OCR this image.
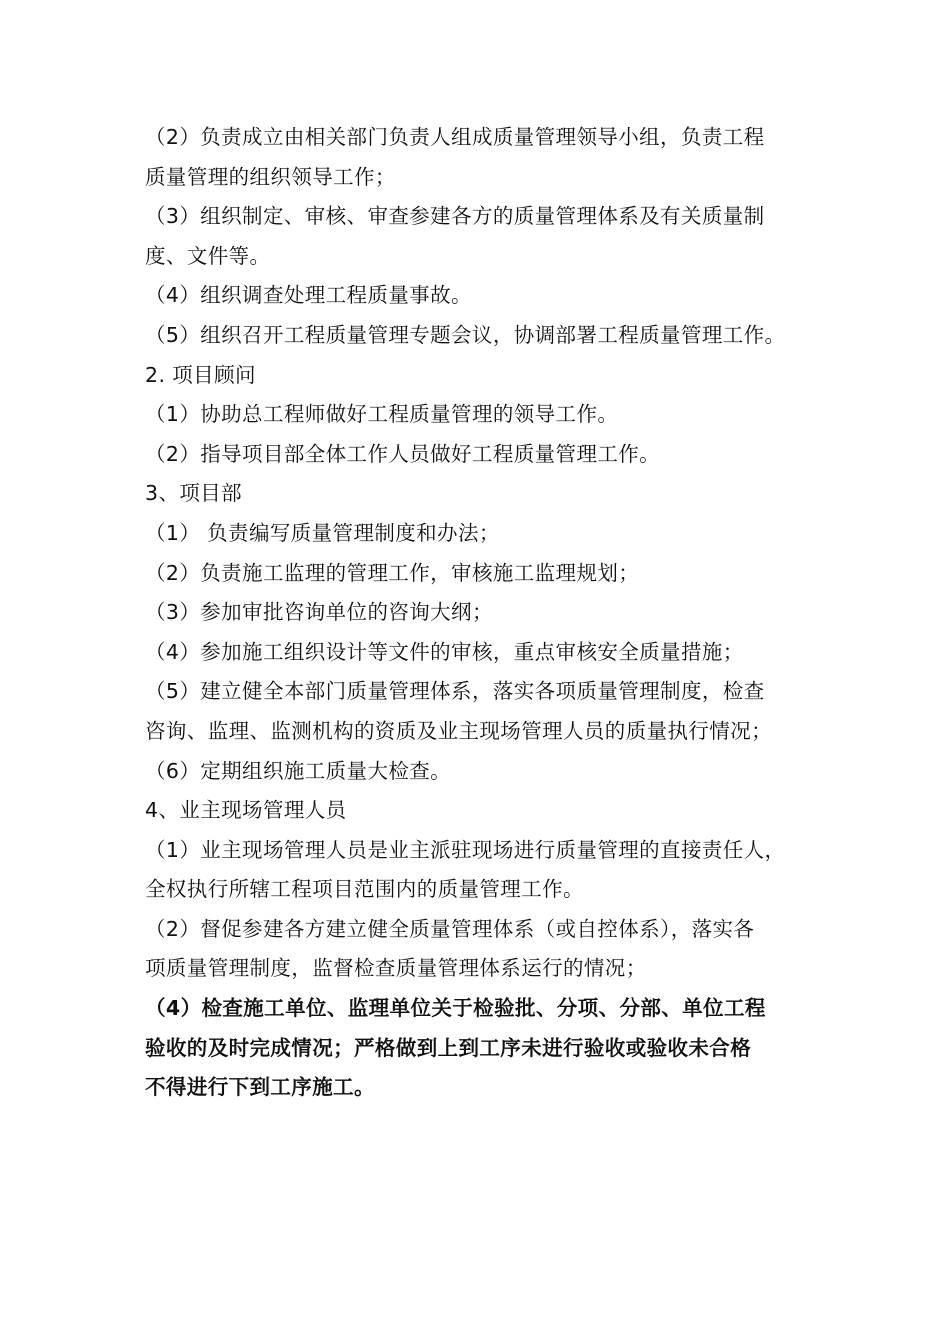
（2）负责成立由相关部门负责人组成质量管理领导小组，负责工程
质量管理的组织领导工作；
（3）组织制定、审核、审查参建各方的质量管理体系及有关质量制
度、文件等。
（4）组织调查处理工程质量事故。
（5）组织召开工程质量管理专题会议，协调部署工程质量管理工作。
2. 项目顾问
（1）协助总工程师做好工程质量管理的领导工作。
（2）指导项目部全体工作人员做好工程质量管理工作。
3、项目部
（1） 负责编写质量管理制度和办法；
（2）负责施工监理的管理工作，审核施工监理规划；
（3）参加审批咨询单位的咨询大纲；
（4）参加施工组织设计等文件的审核，重点审核安全质量措施；
（5）建立健全本部门质量管理体系，落实各项质量管理制度，检查
咨询、监理、监测机构的资质及业主现场管理人员的质量执行情况；
（6）定期组织施工质量大检查。
4、业主现场管理人员
（1）业主现场管理人员是业主派驻现场进行质量管理的直接责任人，
全权执行所辖工程项目范围内的质量管理工作。
（2）督促参建各方建立健全质量管理体系（或自控体系），落实各
项质量管理制度，监督检查质量管理体系运行的情况；
（4）检查施工单位、监理单位关于检验批、分项、分部、单位工程
验收的及时完成情况；严格做到上到工序未进行验收或验收未合格
不得进行下到工序施工。
